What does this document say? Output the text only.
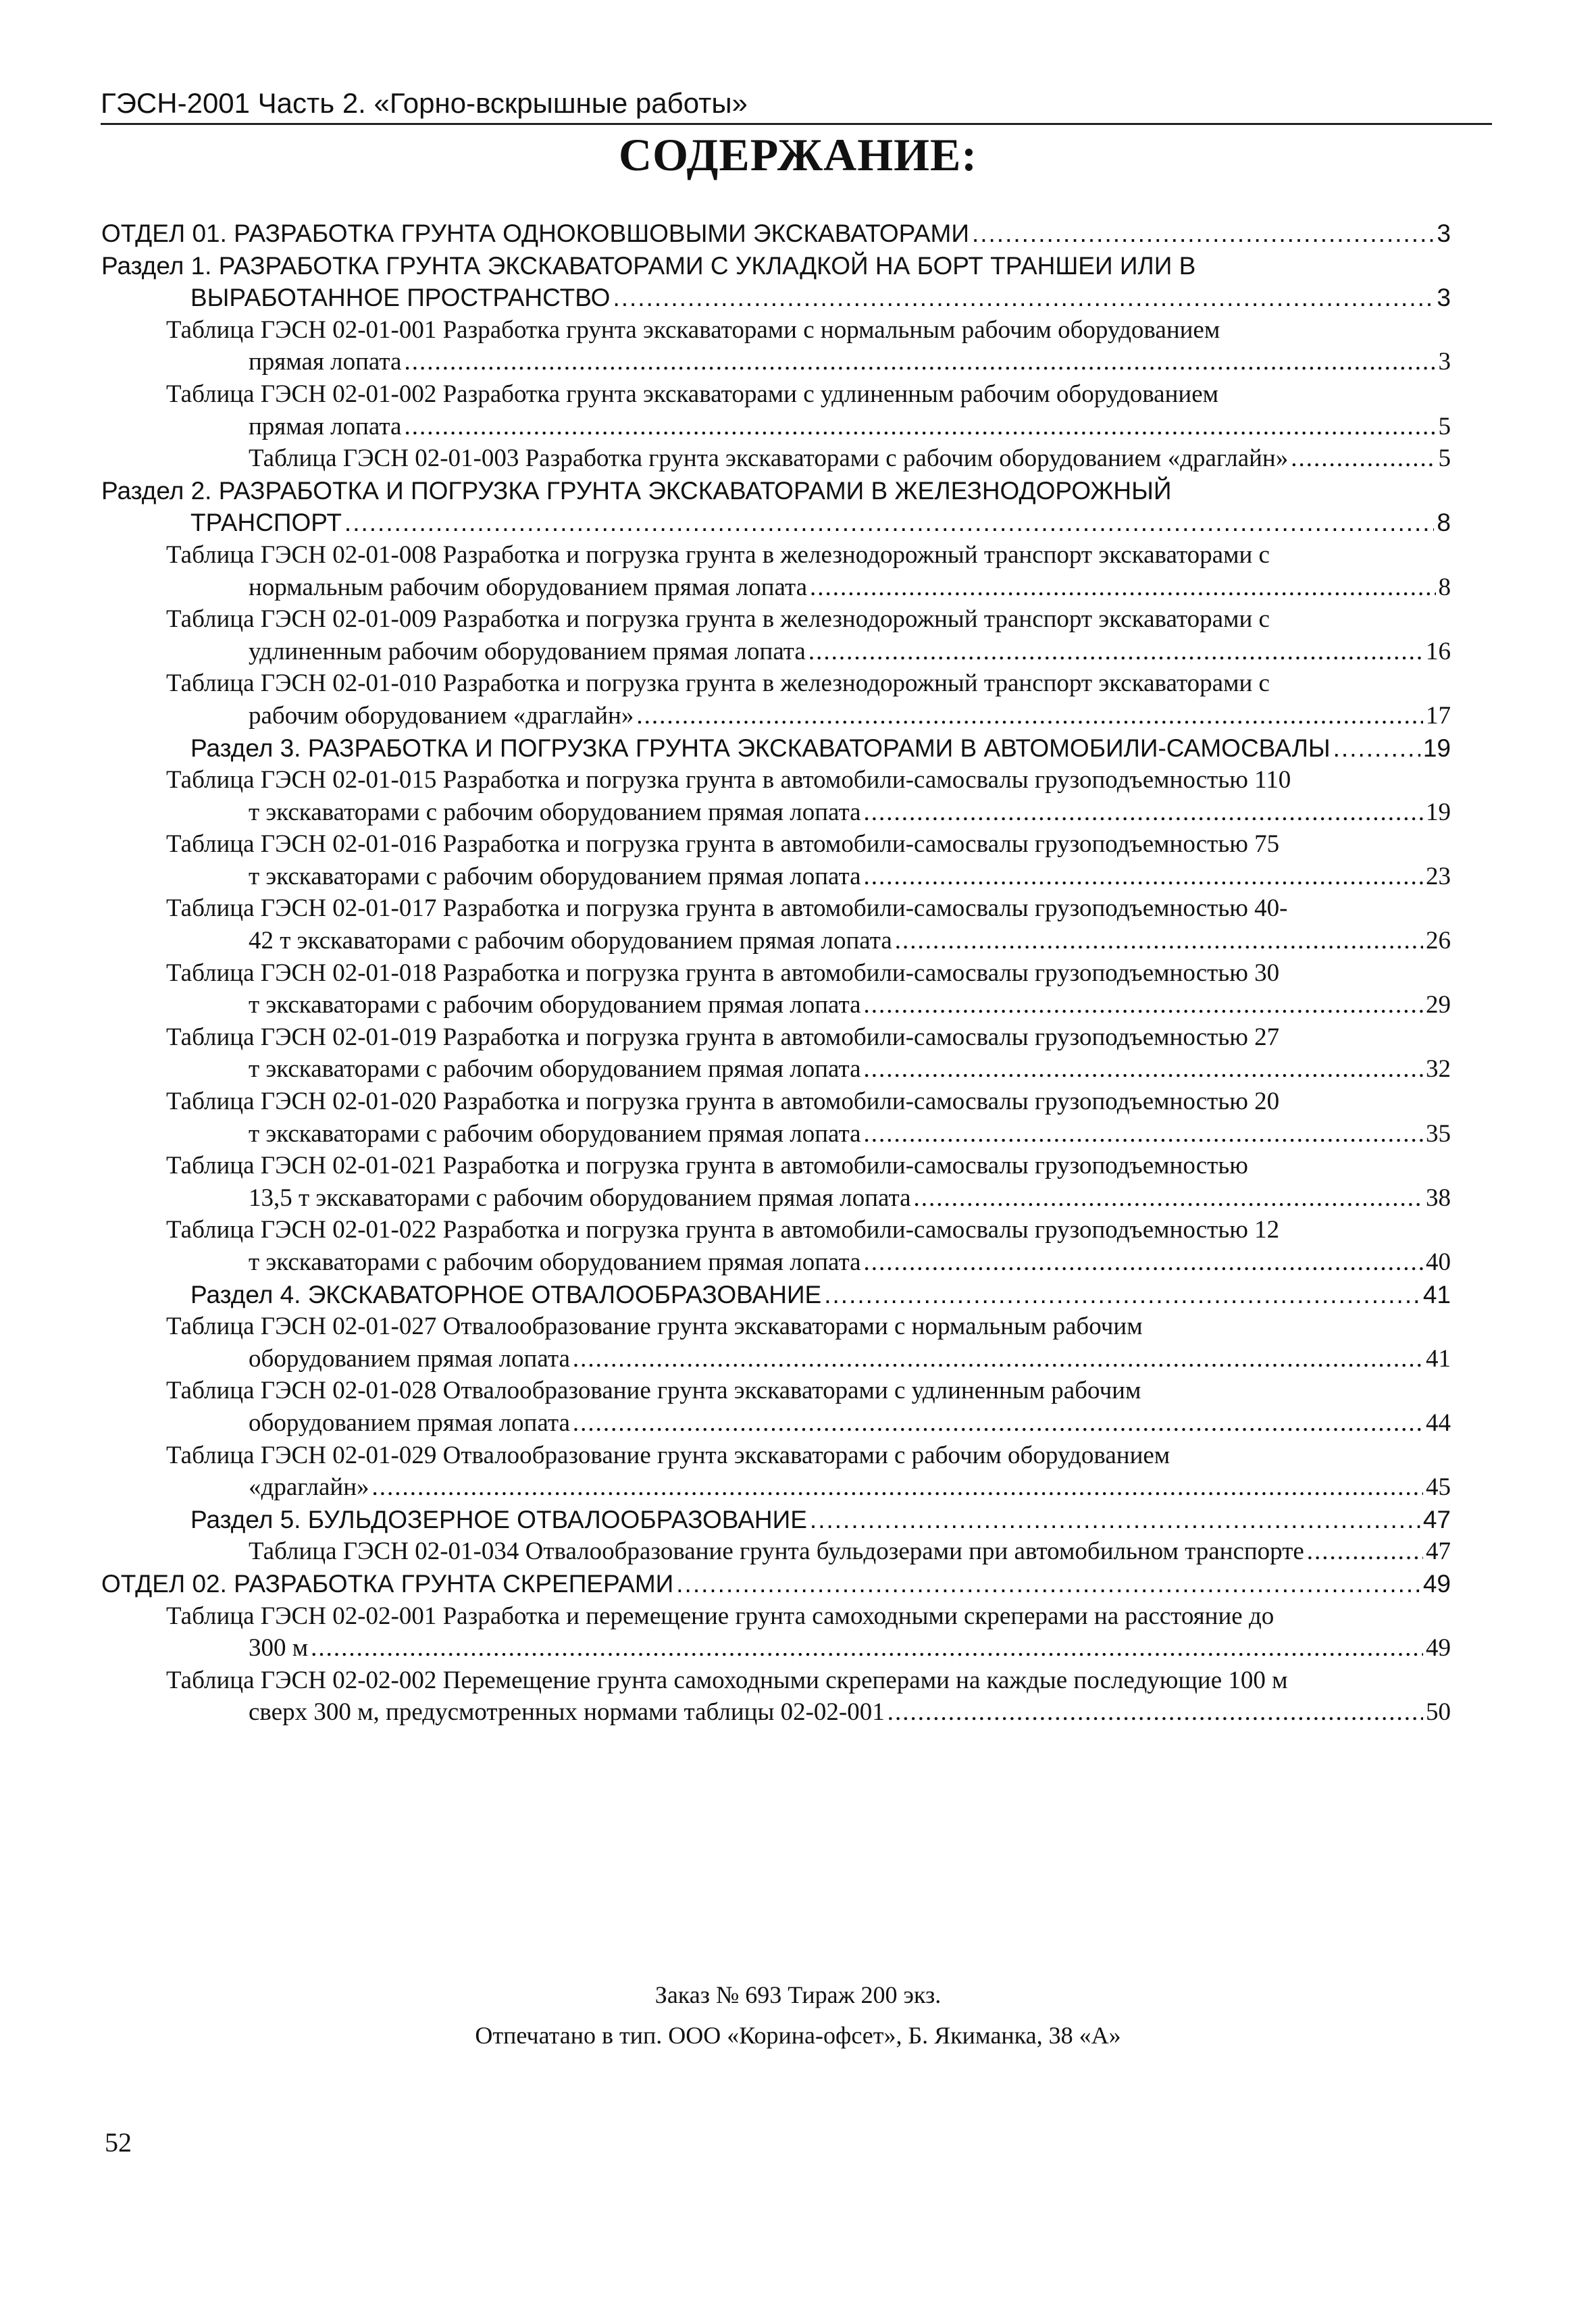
ГЭСН-2001 Часть 2. «Горно-вскрышные работы»
СОДЕРЖАНИЕ:
ОТДЕЛ 01. РАЗРАБОТКА ГРУНТА ОДНОКОВШОВЫМИ ЭКСКАВАТОРАМИ .....	3
Раздел 1. РАЗРАБОТКА ГРУНТА ЭКСКАВАТОРАМИ С УКЛАДКОЙ НА БОРТ ТРАНШЕИ ИЛИ В
ВЫРАБОТАННОЕ ПРОСТРАНСТВО .....	3
Таблица ГЭСН 02-01-001 Разработка грунта экскаваторами с нормальным рабочим оборудованием
прямая лопата .....	3
Таблица ГЭСН 02-01-002 Разработка грунта экскаваторами с удлиненным рабочим оборудованием
прямая лопата .....	5
Таблица ГЭСН 02-01-003 Разработка грунта экскаваторами с рабочим оборудованием «драглайн» .....	5
Раздел 2. РАЗРАБОТКА И ПОГРУЗКА ГРУНТА ЭКСКАВАТОРАМИ В ЖЕЛЕЗНОДОРОЖНЫЙ
ТРАНСПОРТ .....	8
Таблица ГЭСН 02-01-008 Разработка и погрузка грунта в железнодорожный транспорт экскаваторами с
нормальным рабочим оборудованием прямая лопата .....	8
Таблица ГЭСН 02-01-009 Разработка и погрузка грунта в железнодорожный транспорт экскаваторами с
удлиненным рабочим оборудованием прямая лопата .....	16
Таблица ГЭСН 02-01-010 Разработка и погрузка грунта в железнодорожный транспорт экскаваторами с
рабочим оборудованием «драглайн» .....	17
Раздел 3. РАЗРАБОТКА И ПОГРУЗКА ГРУНТА ЭКСКАВАТОРАМИ В АВТОМОБИЛИ-САМОСВАЛЫ .....	19
Таблица ГЭСН 02-01-015 Разработка и погрузка грунта в автомобили-самосвалы грузоподъемностью 110
т экскаваторами с рабочим оборудованием прямая лопата .....	19
Таблица ГЭСН 02-01-016 Разработка и погрузка грунта в автомобили-самосвалы грузоподъемностью 75
т экскаваторами с рабочим оборудованием прямая лопата .....	23
Таблица ГЭСН 02-01-017 Разработка и погрузка грунта в автомобили-самосвалы грузоподъемностью 40-
42 т экскаваторами с рабочим оборудованием прямая лопата .....	26
Таблица ГЭСН 02-01-018 Разработка и погрузка грунта в автомобили-самосвалы грузоподъемностью 30
т экскаваторами с рабочим оборудованием прямая лопата .....	29
Таблица ГЭСН 02-01-019 Разработка и погрузка грунта в автомобили-самосвалы грузоподъемностью 27
т экскаваторами с рабочим оборудованием прямая лопата .....	32
Таблица ГЭСН 02-01-020 Разработка и погрузка грунта в автомобили-самосвалы грузоподъемностью 20
т экскаваторами с рабочим оборудованием прямая лопата .....	35
Таблица ГЭСН 02-01-021 Разработка и погрузка грунта в автомобили-самосвалы грузоподъемностью
13,5 т экскаваторами с рабочим оборудованием прямая лопата .....	38
Таблица ГЭСН 02-01-022 Разработка и погрузка грунта в автомобили-самосвалы грузоподъемностью 12
т экскаваторами с рабочим оборудованием прямая лопата .....	40
Раздел 4. ЭКСКАВАТОРНОЕ ОТВАЛООБРАЗОВАНИЕ .....	41
Таблица ГЭСН 02-01-027 Отвалообразование грунта экскаваторами с нормальным рабочим
оборудованием прямая лопата .....	41
Таблица ГЭСН 02-01-028 Отвалообразование грунта экскаваторами с удлиненным рабочим
оборудованием прямая лопата .....	44
Таблица ГЭСН 02-01-029 Отвалообразование грунта экскаваторами с рабочим оборудованием
«драглайн» .....	45
Раздел 5. БУЛЬДОЗЕРНОЕ ОТВАЛООБРАЗОВАНИЕ .....	47
Таблица ГЭСН 02-01-034 Отвалообразование грунта бульдозерами при автомобильном транспорте .....	47
ОТДЕЛ 02. РАЗРАБОТКА ГРУНТА СКРЕПЕРАМИ .....	49
Таблица ГЭСН 02-02-001 Разработка и перемещение грунта самоходными скреперами на расстояние до
300 м .....	49
Таблица ГЭСН 02-02-002 Перемещение грунта самоходными скреперами на каждые последующие 100 м
сверх 300 м, предусмотренных нормами таблицы 02-02-001 .....	50
Заказ № 693 Тираж 200 экз.
Отпечатано в тип. ООО «Корина-офсет», Б. Якиманка, 38 «А»
52
